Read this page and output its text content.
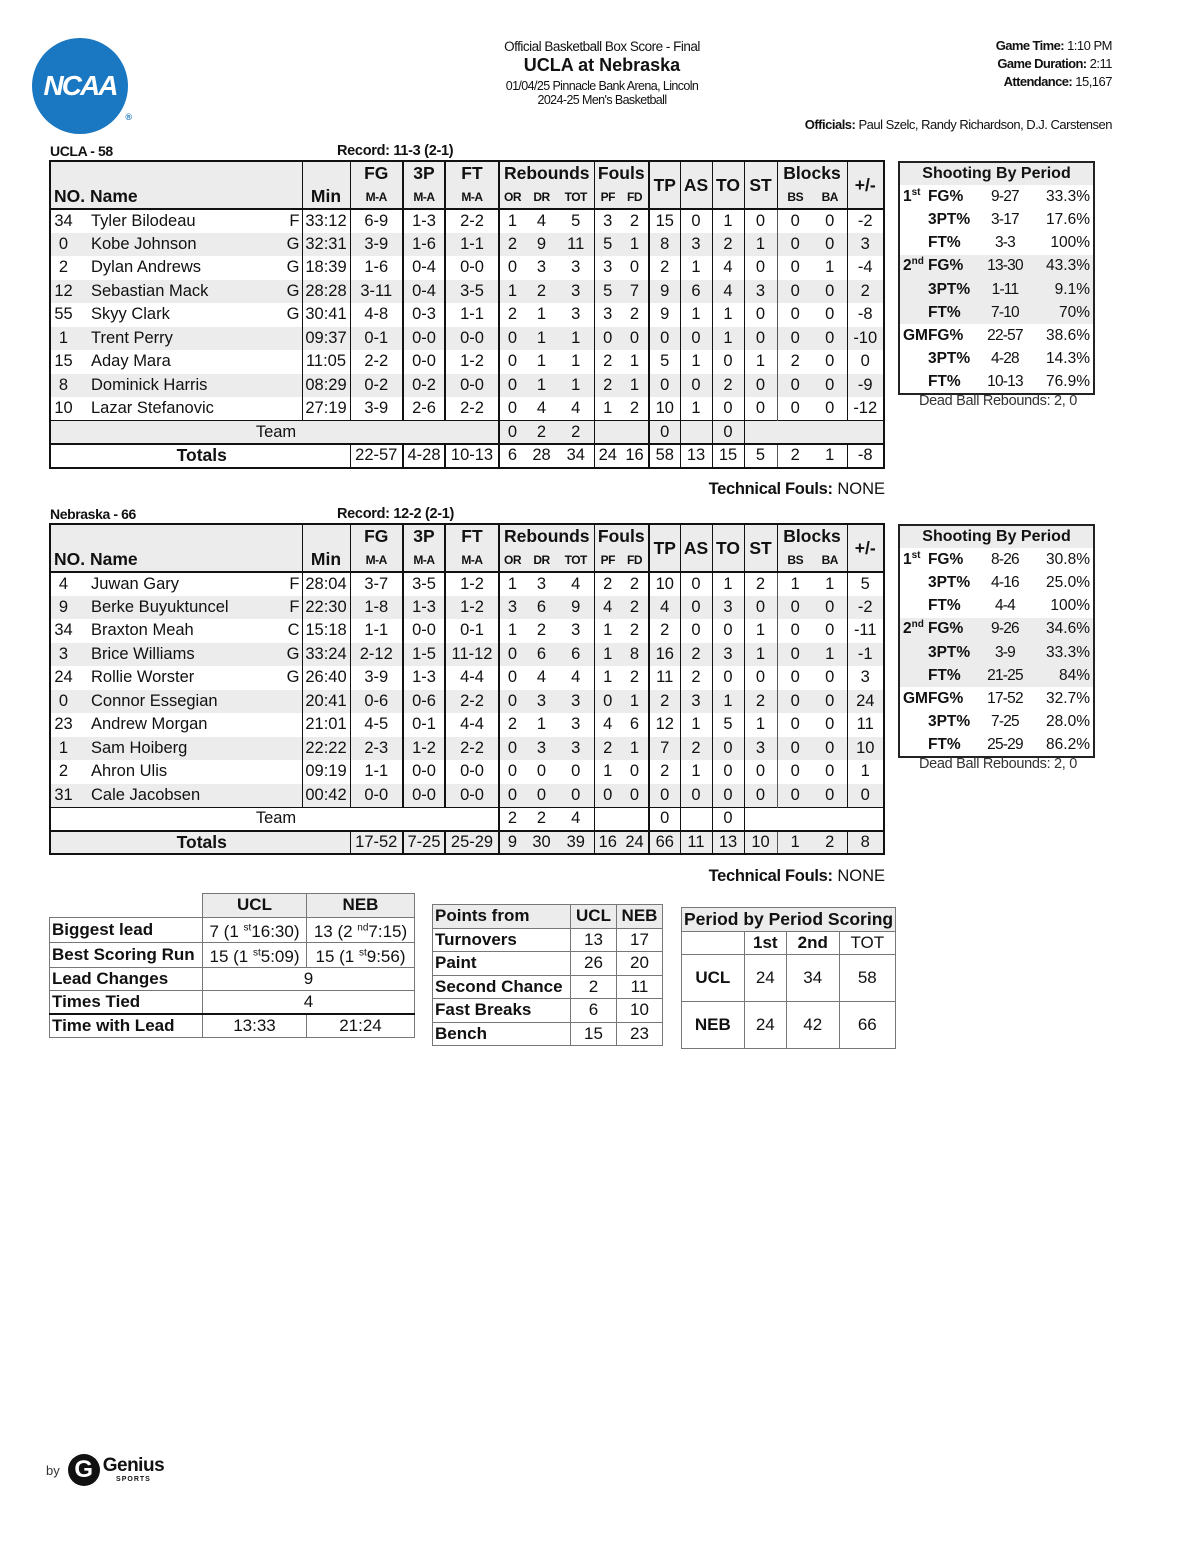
NCAA
®
Official Basketball Box Score - Final
UCLA at Nebraska
01/04/25 Pinnacle Bank Arena, Lincoln
2024-25 Men's Basketball
Game Time: 1:10 PM
Game Duration: 2:11
Attendance: 15,167
Officials: Paul Szelc, Randy Richardson, D.J. Carstensen
UCLA - 58	Record: 11-3 (2-1)
			FG	3P	FT	Rebounds			Fouls		TP	AS	TO	ST	Blocks		+/-
NO. Name		Min	M-A	M-A	M-A	OR	DR	TOT	PF	FD					BS	BA	
34	Tyler Bilodeau F	33:12	6-9	1-3	2-2	1	4	5	3	2	15	0	1	0	0	0	-2
0	Kobe Johnson G	32:31	3-9	1-6	1-1	2	9	11	5	1	8	3	2	1	0	0	3
2	Dylan Andrews G	18:39	1-6	0-4	0-0	0	3	3	3	0	2	1	4	0	0	1	-4
12	Sebastian Mack G	28:28	3-11	0-4	3-5	1	2	3	5	7	9	6	4	3	0	0	2
55	Skyy Clark G	30:41	4-8	0-3	1-1	2	1	3	3	2	9	1	1	0	0	0	-8
1	Trent Perry	09:37	0-1	0-0	0-0	0	1	1	0	0	0	0	1	0	0	0	-10
15	Aday Mara	11:05	2-2	0-0	1-2	0	1	1	2	1	5	1	0	1	2	0	0
8	Dominick Harris	08:29	0-2	0-2	0-0	0	1	1	2	1	0	0	2	0	0	0	-9
10	Lazar Stefanovic	27:19	3-9	2-6	2-2	0	4	4	1	2	10	1	0	0	0	0	-12
Team						0	2	2			0		0				
Totals			22-57	4-28	10-13	6	28	34	24	16	58	13	15	5	2	1	-8
Technical Fouls: NONE
Nebraska - 66	Record: 12-2 (2-1)
			FG	3P	FT	Rebounds			Fouls		TP	AS	TO	ST	Blocks		+/-
NO. Name		Min	M-A	M-A	M-A	OR	DR	TOT	PF	FD					BS	BA	
4	Juwan Gary F	28:04	3-7	3-5	1-2	1	3	4	2	2	10	0	1	2	1	1	5
9	Berke Buyuktuncel F	22:30	1-8	1-3	1-2	3	6	9	4	2	4	0	3	0	0	0	-2
34	Braxton Meah C	15:18	1-1	0-0	0-1	1	2	3	1	2	2	0	0	1	0	0	-11
3	Brice Williams G	33:24	2-12	1-5	11-12	0	6	6	1	8	16	2	3	1	0	1	-1
24	Rollie Worster G	26:40	3-9	1-3	4-4	0	4	4	1	2	11	2	0	0	0	0	3
0	Connor Essegian	20:41	0-6	0-6	2-2	0	3	3	0	1	2	3	1	2	0	0	24
23	Andrew Morgan	21:01	4-5	0-1	4-4	2	1	3	4	6	12	1	5	1	0	0	11
1	Sam Hoiberg	22:22	2-3	1-2	2-2	0	3	3	2	1	7	2	0	3	0	0	10
2	Ahron Ulis	09:19	1-1	0-0	0-0	0	0	0	1	0	2	1	0	0	0	0	1
31	Cale Jacobsen	00:42	0-0	0-0	0-0	0	0	0	0	0	0	0	0	0	0	0	0
Team						2	2	4			0		0				
Totals			17-52	7-25	25-29	9	30	39	16	24	66	11	13	10	1	2	8
Technical Fouls: NONE
Shooting By Period			
1st	FG%	9-27	33.3%
	3PT%	3-17	17.6%
	FT%	3-3	100%
2nd	FG%	13-30	43.3%
	3PT%	1-11	9.1%
	FT%	7-10	70%
GM	FG%	22-57	38.6%
	3PT%	4-28	14.3%
	FT%	10-13	76.9%
Dead Ball Rebounds: 2, 0
Shooting By Period			
1st	FG%	8-26	30.8%
	3PT%	4-16	25.0%
	FT%	4-4	100%
2nd	FG%	9-26	34.6%
	3PT%	3-9	33.3%
	FT%	21-25	84%
GM	FG%	17-52	32.7%
	3PT%	7-25	28.0%
	FT%	25-29	86.2%
Dead Ball Rebounds: 2, 0
	UCL	NEB
Biggest lead	7 (1 $^{st}$16:30)	13 (2 $^{nd}$7:15)
Best Scoring Run	15 (1 $^{st}$5:09)	15 (1 $^{st}$9:56)
Lead Changes	9	
Times Tied	4	
Time with Lead	13:33	21:24
Points from	UCL	NEB
Turnovers	13	17
Paint	26	20
Second Chance	2	11
Fast Breaks	6	10
Bench	15	23
Period by Period Scoring			
	1st	2nd	TOT
UCL	24	34	58
NEB	24	42	66
by G Genius
SPORTS
